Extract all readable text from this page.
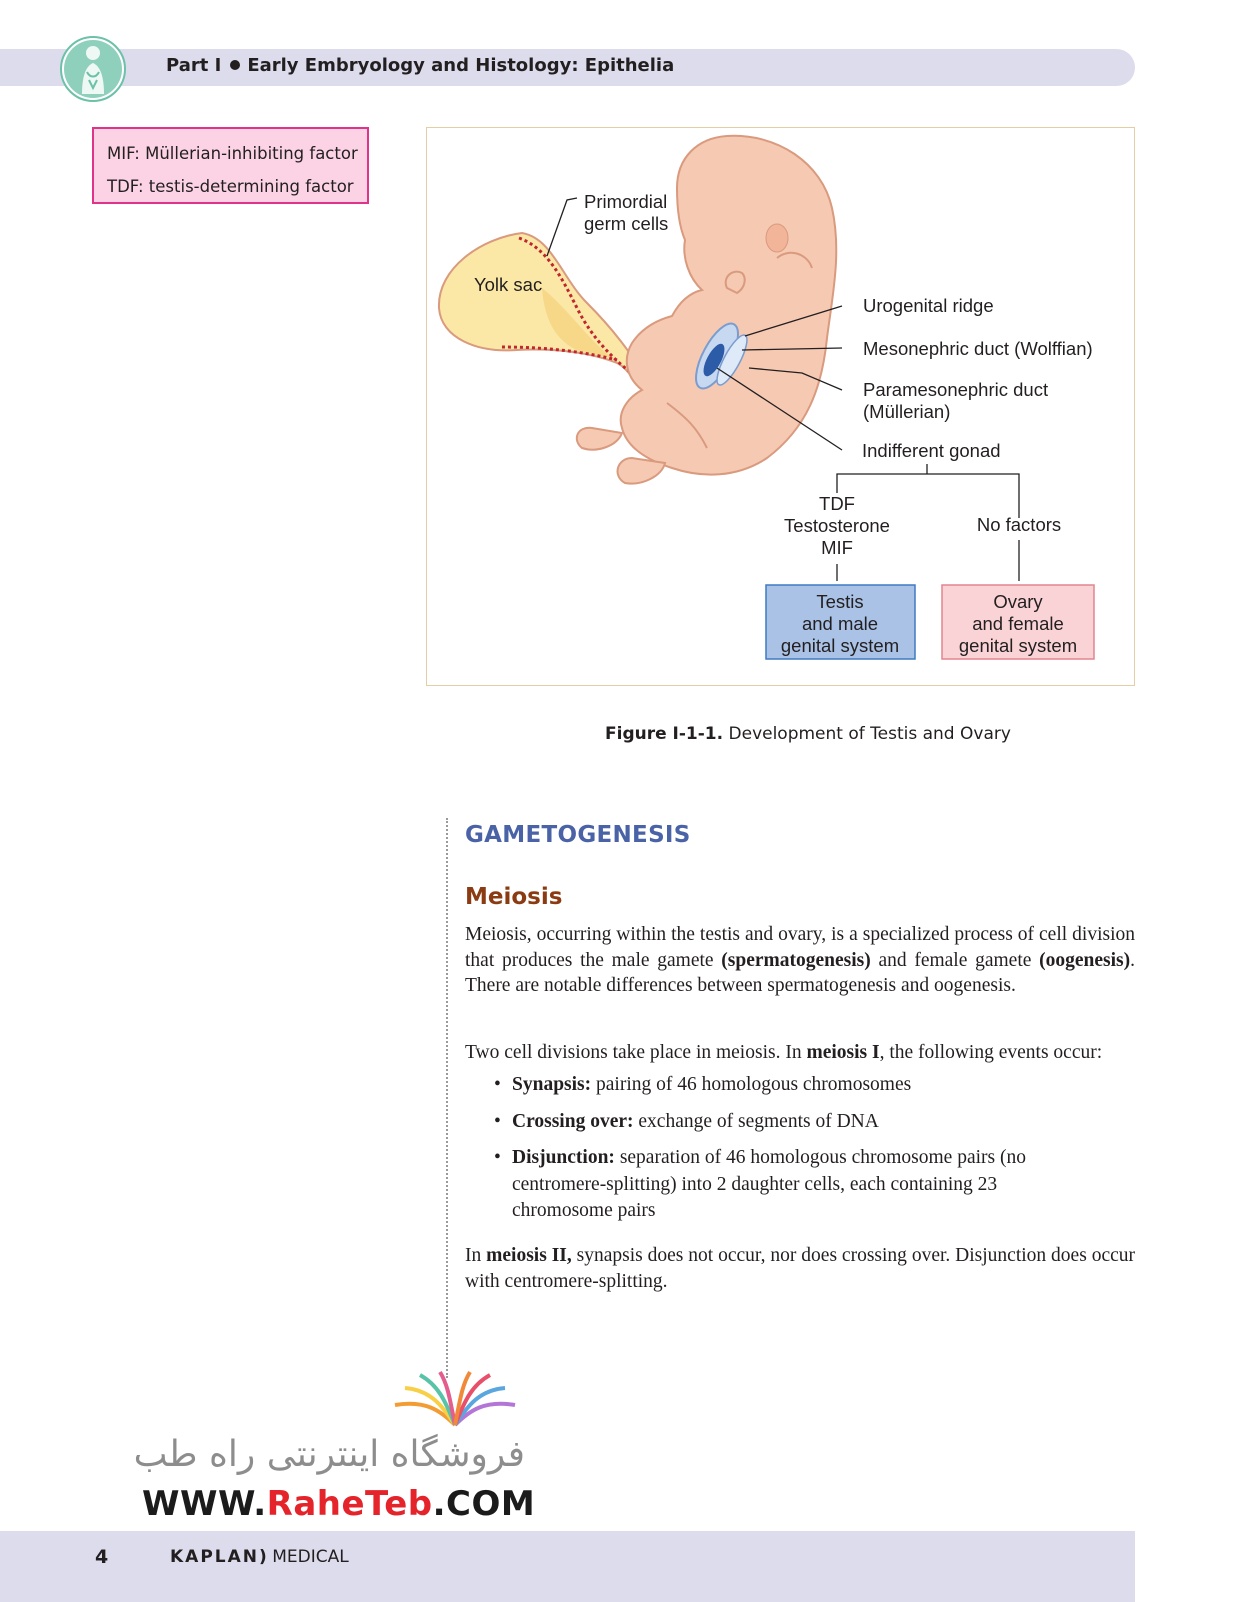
Part I Early Embryology and Histology: Epithelia
MIF: Müllerian-inhibiting factor
TDF: testis-determining factor
Primordial
germ cells
Yolk sac
Urogenital ridge
Mesonephric duct (Wolffian)
Paramesonephric duct
(Müllerian)
Indifferent gonad
TDF
Testosterone
MIF
No factors
Testis
and male
genital system
Ovary
and female
genital system
Figure I-1-1. Development of Testis and Ovary
GAMETOGENESIS
Meiosis
Meiosis, occurring within the testis and ovary, is a specialized process of cell division that produces the male gamete (spermatogenesis) and female gamete (oogenesis). There are notable differences between spermatogenesis and oogenesis.
Two cell divisions take place in meiosis. In meiosis I, the following events occur:
• Synapsis: pairing of 46 homologous chromosomes
• Crossing over: exchange of segments of DNA
• Disjunction: separation of 46 homologous chromosome pairs (no centromere-splitting) into 2 daughter cells, each containing 23 chromosome pairs
In meiosis II, synapsis does not occur, nor does crossing over. Disjunction does occur with centromere-splitting.
فروشگاه اینترنتی راه طب
WWW.RaheTeb.COM
4	KAPLAN) MEDICAL
